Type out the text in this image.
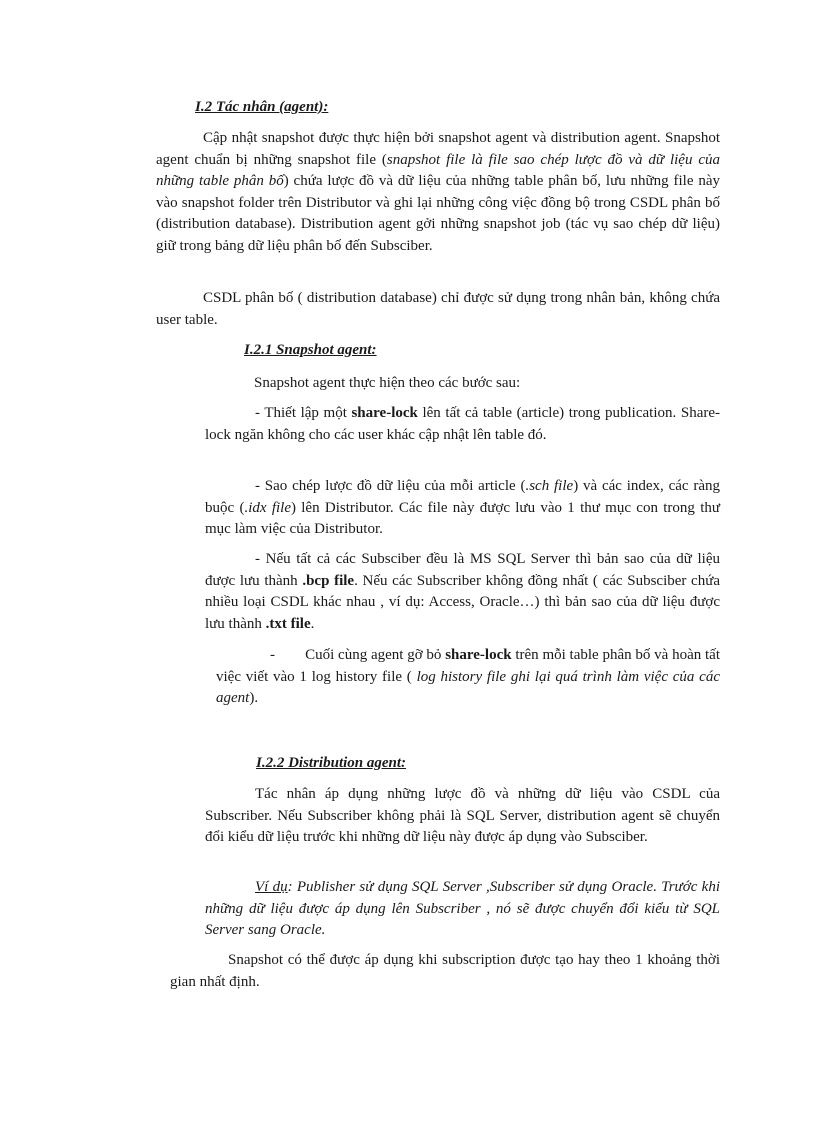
I.2 Tác nhân (agent):

Cập nhật snapshot được thực hiện bởi snapshot agent và distribution agent. Snapshot agent chuẩn bị những snapshot file (snapshot file là file sao chép lược đồ và dữ liệu của những table phân bố) chứa lược đồ và dữ liệu của những table phân bố, lưu những file này vào snapshot folder trên Distributor và ghi lại những công việc đồng bộ trong CSDL phân bố (distribution database). Distribution agent gởi những snapshot job (tác vụ sao chép dữ liệu) giữ trong bảng dữ liệu phân bố đến Subsciber.

CSDL phân bố ( distribution database) chỉ được sử dụng trong nhân bản, không chứa user table.

I.2.1 Snapshot agent:

Snapshot agent thực hiện theo các bước sau:

- Thiết lập một share-lock lên tất cả table (article) trong publication. Share-lock ngăn không cho các user khác cập nhật lên table đó.

- Sao chép lược đồ dữ liệu của mỗi article (.sch file) và các index, các ràng buộc (.idx file) lên Distributor. Các file này được lưu vào 1 thư mục con trong thư mục làm việc của Distributor.

- Nếu tất cả các Subsciber đều là MS SQL Server thì bản sao của dữ liệu được lưu thành .bcp file. Nếu các Subscriber không đồng nhất ( các Subsciber chứa nhiều loại CSDL khác nhau , ví dụ: Access, Oracle…) thì bản sao của dữ liệu được lưu thành .txt file.

-        Cuối cùng agent gỡ bỏ share-lock trên mỗi table phân bố và hoàn tất việc viết vào 1 log history file ( log history file ghi lại quá trình làm việc của các agent).

I.2.2 Distribution agent:

Tác nhân áp dụng những lược đồ và những dữ liệu vào CSDL của Subscriber. Nếu Subscriber không phải là SQL Server, distribution agent sẽ chuyển đổi kiểu dữ liệu trước khi những dữ liệu này được áp dụng vào Subsciber.

Ví dụ: Publisher sử dụng SQL Server ,Subscriber sử dụng Oracle. Trước khi những dữ liệu được áp dụng lên Subscriber , nó sẽ được chuyển đổi kiểu từ SQL Server sang Oracle.

Snapshot có thể được áp dụng khi subscription được tạo hay theo 1 khoảng thời gian nhất định.
